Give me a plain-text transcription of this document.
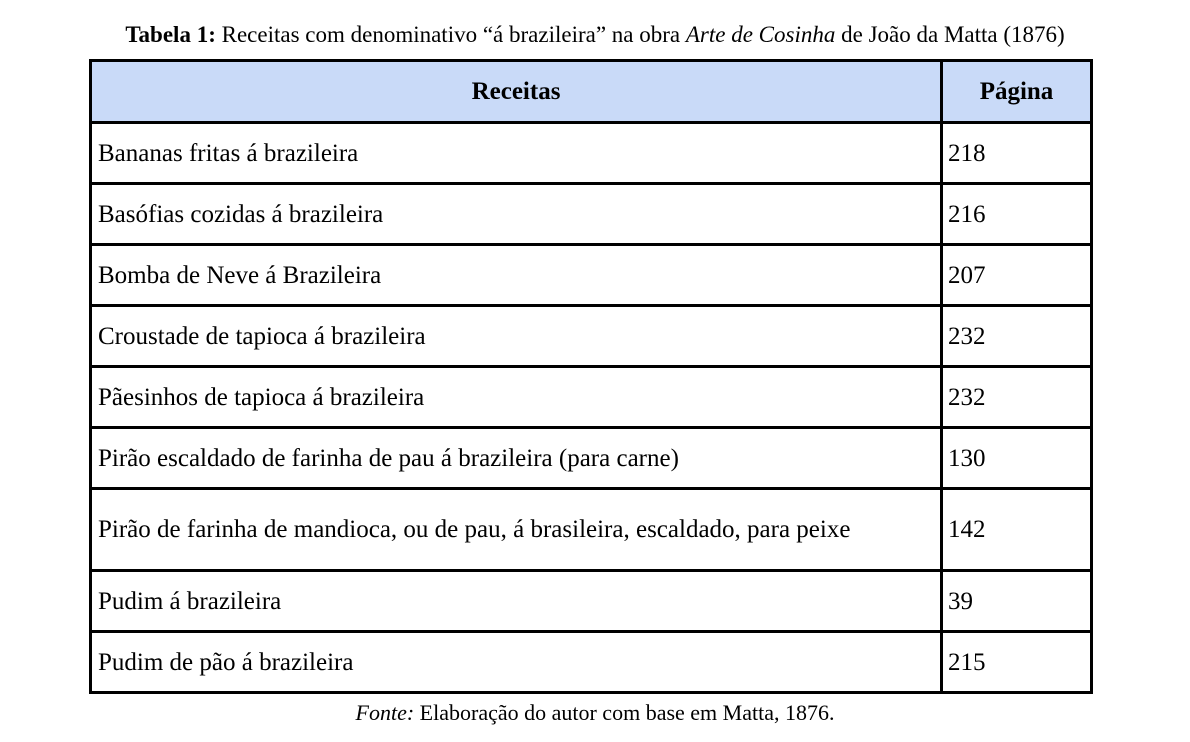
Tabela 1: Receitas com denominativo “á brazileira” na obra Arte de Cosinha de João da Matta (1876)
Receitas	Página
Bananas fritas á brazileira	218
Basófias cozidas á brazileira	216
Bomba de Neve á Brazileira	207
Croustade de tapioca á brazileira	232
Pãesinhos de tapioca á brazileira	232
Pirão escaldado de farinha de pau á brazileira (para carne)	130
Pirão de farinha de mandioca, ou de pau, á brasileira, escaldado, para peixe	142
Pudim á brazileira	39
Pudim de pão á brazileira	215
Fonte: Elaboração do autor com base em Matta, 1876.
